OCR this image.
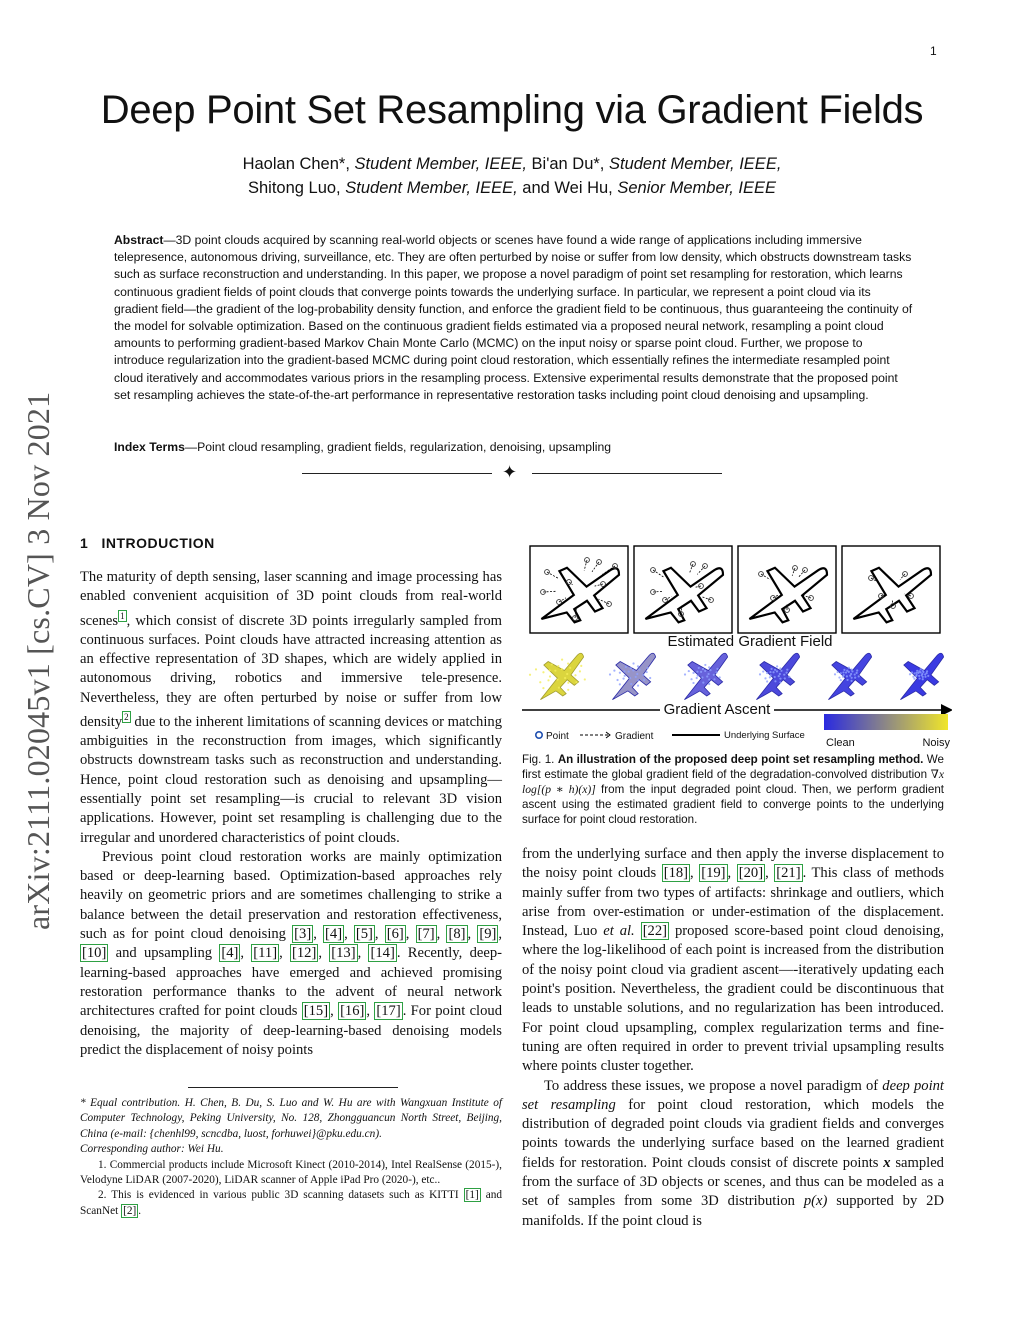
1
Deep Point Set Resampling via Gradient Fields
Haolan Chen*, Student Member, IEEE, Bi'an Du*, Student Member, IEEE,
Shitong Luo, Student Member, IEEE, and Wei Hu, Senior Member, IEEE
arXiv:2111.02045v1 [cs.CV] 3 Nov 2021
Abstract—3D point clouds acquired by scanning real-world objects or scenes have found a wide range of applications including immersive telepresence, autonomous driving, surveillance, etc. They are often perturbed by noise or suffer from low density, which obstructs downstream tasks such as surface reconstruction and understanding. In this paper, we propose a novel paradigm of point set resampling for restoration, which learns continuous gradient fields of point clouds that converge points towards the underlying surface. In particular, we represent a point cloud via its gradient field—the gradient of the log-probability density function, and enforce the gradient field to be continuous, thus guaranteeing the continuity of the model for solvable optimization. Based on the continuous gradient fields estimated via a proposed neural network, resampling a point cloud amounts to performing gradient-based Markov Chain Monte Carlo (MCMC) on the input noisy or sparse point cloud. Further, we propose to introduce regularization into the gradient-based MCMC during point cloud restoration, which essentially refines the intermediate resampled point cloud iteratively and accommodates various priors in the resampling process. Extensive experimental results demonstrate that the proposed point set resampling achieves the state-of-the-art performance in representative restoration tasks including point cloud denoising and upsampling.
Index Terms—Point cloud resampling, gradient fields, regularization, denoising, upsampling
✦
1 INTRODUCTION

The maturity of depth sensing, laser scanning and image processing has enabled convenient acquisition of 3D point clouds from real-world scenes $^1$ , which consist of discrete 3D points irregularly sampled from continuous surfaces. Point clouds have attracted increasing attention as an effective representation of 3D shapes, which are widely applied in autonomous driving, robotics and immersive tele-presence. Nevertheless, they are often perturbed by noise or suffer from low density $^2$ due to the inherent limitations of scanning devices or matching ambiguities in the reconstruction from images, which significantly obstructs downstream tasks such as reconstruction and understanding. Hence, point cloud restoration such as denoising and upsampling—essentially point set resampling—is crucial to relevant 3D vision applications. However, point set resampling is challenging due to the irregular and unordered characteristics of point clouds.

Previous point cloud restoration works are mainly optimization based or deep-learning based. Optimization-based approaches rely heavily on geometric priors and are sometimes challenging to strike a balance between the detail preservation and restoration effectiveness, such as for point cloud denoising [3] , [4] , [5] , [6] , [7] , [8] , [9] , [10] and upsampling [4] , [11] , [12] , [13] , [14] . Recently, deep-learning-based approaches have emerged and achieved promising restoration performance thanks to the advent of neural network architectures crafted for point clouds [15] , [16] , [17] . For point cloud denoising, the majority of deep-learning-based denoising models predict the displacement of noisy points

* Equal contribution. H. Chen, B. Du, S. Luo and W. Hu are with Wangxuan Institute of Computer Technology, Peking University, No. 128, Zhongguancun North Street, Beijing, China (e-mail: {chenhl99, scncdba, luost, forhuwei}@pku.edu.cn).

Corresponding author: Wei Hu.

1. Commercial products include Microsoft Kinect (2010-2014), Intel RealSense (2015-), Velodyne LiDAR (2007-2020), LiDAR scanner of Apple iPad Pro (2020-), etc..

2. This is evidenced in various public 3D scanning datasets such as KITTI [1] and ScanNet [2] .

Estimated Gradient Field
Gradient Ascent
Point	Gradient	Underlying Surface
Clean	Noisy
Fig. 1. An illustration of the proposed deep point set resampling method. We first estimate the global gradient field of the degradation-convolved distribution ∇x log[(p ∗ h)(x)] from the input degraded point cloud. Then, we perform gradient ascent using the estimated gradient field to converge points to the underlying surface for point cloud restoration.

from the underlying surface and then apply the inverse displacement to the noisy point clouds [18] , [19] , [20] , [21] . This class of methods mainly suffer from two types of artifacts: shrinkage and outliers, which arise from over-estimation or under-estimation of the displacement. Instead, Luo et al. [22] proposed score-based point cloud denoising, where the log-likelihood of each point is increased from the distribution of the noisy point cloud via gradient ascent—-iteratively updating each point's position. Nevertheless, the gradient could be discontinuous that leads to unstable solutions, and no regularization has been introduced. For point cloud upsampling, complex regularization terms and fine-tuning are often required in order to prevent trivial upsampling results where points cluster together.

To address these issues, we propose a novel paradigm of deep point set resampling for point cloud restoration, which models the distribution of degraded point clouds via gradient fields and converges points towards the underlying surface based on the learned gradient fields for restoration. Point clouds consist of discrete points x sampled from the surface of 3D objects or scenes, and thus can be modeled as a set of samples from some 3D distribution p(x) supported by 2D manifolds. If the point cloud is
